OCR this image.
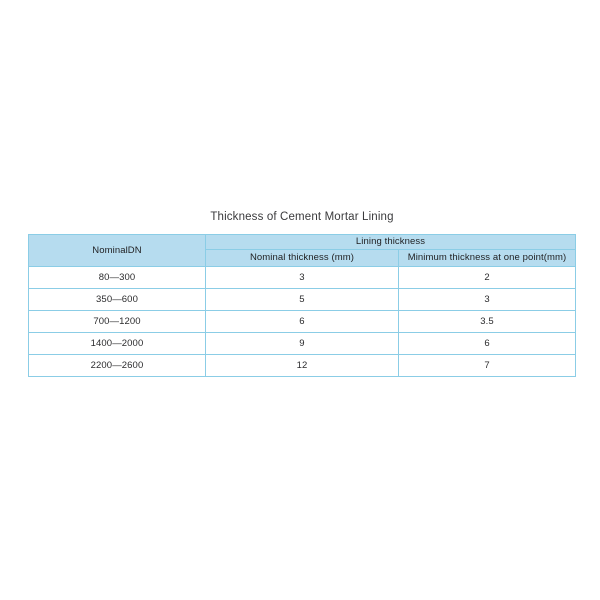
Thickness of Cement Mortar Lining
NominalDN	Lining thickness	

	Nominal thickness (mm)	Minimum thickness at one point(mm)

80—300	3	2

350—600	5	3

700—1200	6	3.5

1400—2000	9	6

2200—2600	12	7
